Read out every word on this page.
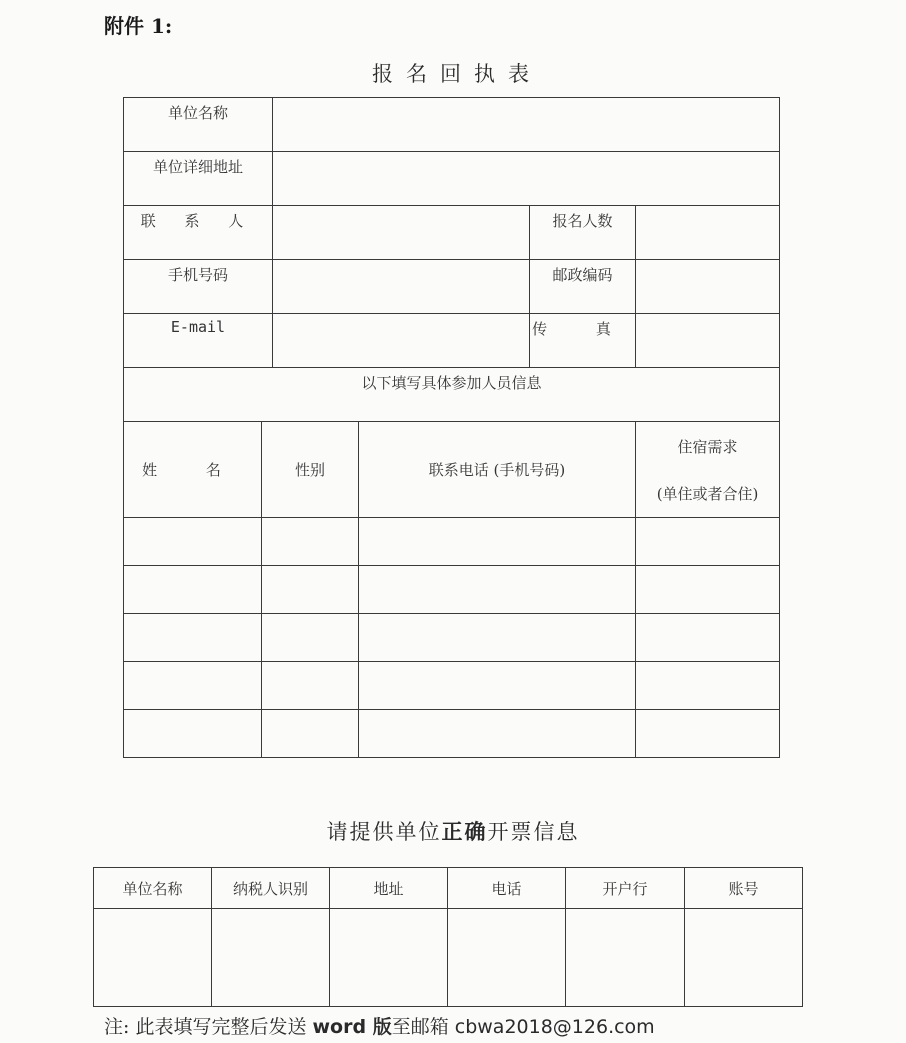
附件 1:
报名回执表
单位名称					
单位详细地址					
联 系 人				报名人数	
手机号码				邮政编码	
E-mail				传 真	
以下填写具体参加人员信息					
姓 名	性别		联系电话 (手机号码)		住宿需求
(单住或者合住)

请提供单位正确开票信息
单位名称	纳税人识别	地址	电话	开户行	账号

注: 此表填写完整后发送 word 版至邮箱 cbwa2018@126.com
